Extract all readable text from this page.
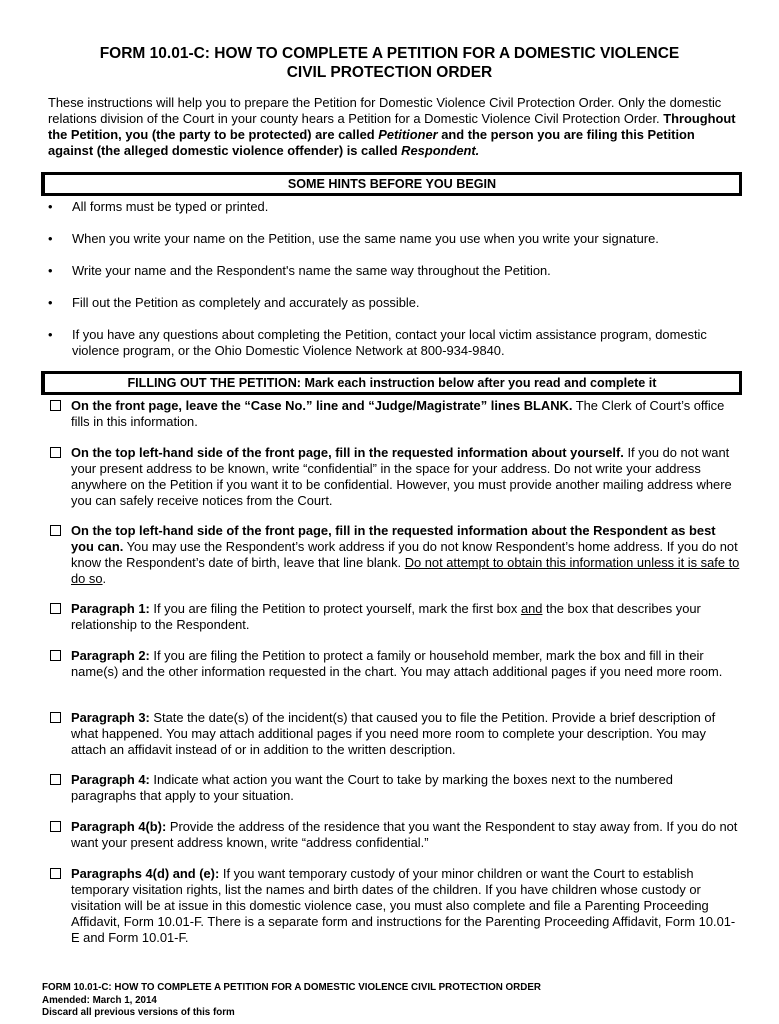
FORM 10.01-C: HOW TO COMPLETE A PETITION FOR A DOMESTIC VIOLENCE
CIVIL PROTECTION ORDER
These instructions will help you to prepare the Petition for Domestic Violence Civil Protection Order. Only the domestic relations division of the Court in your county hears a Petition for a Domestic Violence Civil Protection Order. Throughout the Petition, you (the party to be protected) are called Petitioner and the person you are filing this Petition against (the alleged domestic violence offender) is called Respondent.
SOME HINTS BEFORE YOU BEGIN
•	All forms must be typed or printed.
•	When you write your name on the Petition, use the same name you use when you write your signature.
•	Write your name and the Respondent's name the same way throughout the Petition.
•	Fill out the Petition as completely and accurately as possible.
•	If you have any questions about completing the Petition, contact your local victim assistance program, domestic violence program, or the Ohio Domestic Violence Network at 800-934-9840.
FILLING OUT THE PETITION: Mark each instruction below after you read and complete it
On the front page, leave the “Case No.” line and “Judge/Magistrate” lines BLANK. The Clerk of Court’s office fills in this information.
On the top left-hand side of the front page, fill in the requested information about yourself. If you do not want your present address to be known, write “confidential” in the space for your address. Do not write your address anywhere on the Petition if you want it to be confidential. However, you must provide another mailing address where you can safely receive notices from the Court.
On the top left-hand side of the front page, fill in the requested information about the Respondent as best you can. You may use the Respondent’s work address if you do not know Respondent’s home address. If you do not know the Respondent’s date of birth, leave that line blank. Do not attempt to obtain this information unless it is safe to do so.
Paragraph 1: If you are filing the Petition to protect yourself, mark the first box and the box that describes your relationship to the Respondent.
Paragraph 2: If you are filing the Petition to protect a family or household member, mark the box and fill in their name(s) and the other information requested in the chart. You may attach additional pages if you need more room.
Paragraph 3: State the date(s) of the incident(s) that caused you to file the Petition. Provide a brief description of what happened. You may attach additional pages if you need more room to complete your description. You may attach an affidavit instead of or in addition to the written description.
Paragraph 4: Indicate what action you want the Court to take by marking the boxes next to the numbered paragraphs that apply to your situation.
Paragraph 4(b): Provide the address of the residence that you want the Respondent to stay away from. If you do not want your present address known, write “address confidential.”
Paragraphs 4(d) and (e): If you want temporary custody of your minor children or want the Court to establish temporary visitation rights, list the names and birth dates of the children. If you have children whose custody or visitation will be at issue in this domestic violence case, you must also complete and file a Parenting Proceeding Affidavit, Form 10.01-F. There is a separate form and instructions for the Parenting Proceeding Affidavit, Form 10.01-E and Form 10.01-F.
FORM 10.01-C: HOW TO COMPLETE A PETITION FOR A DOMESTIC VIOLENCE CIVIL PROTECTION ORDER
Amended: March 1, 2014
Discard all previous versions of this form
